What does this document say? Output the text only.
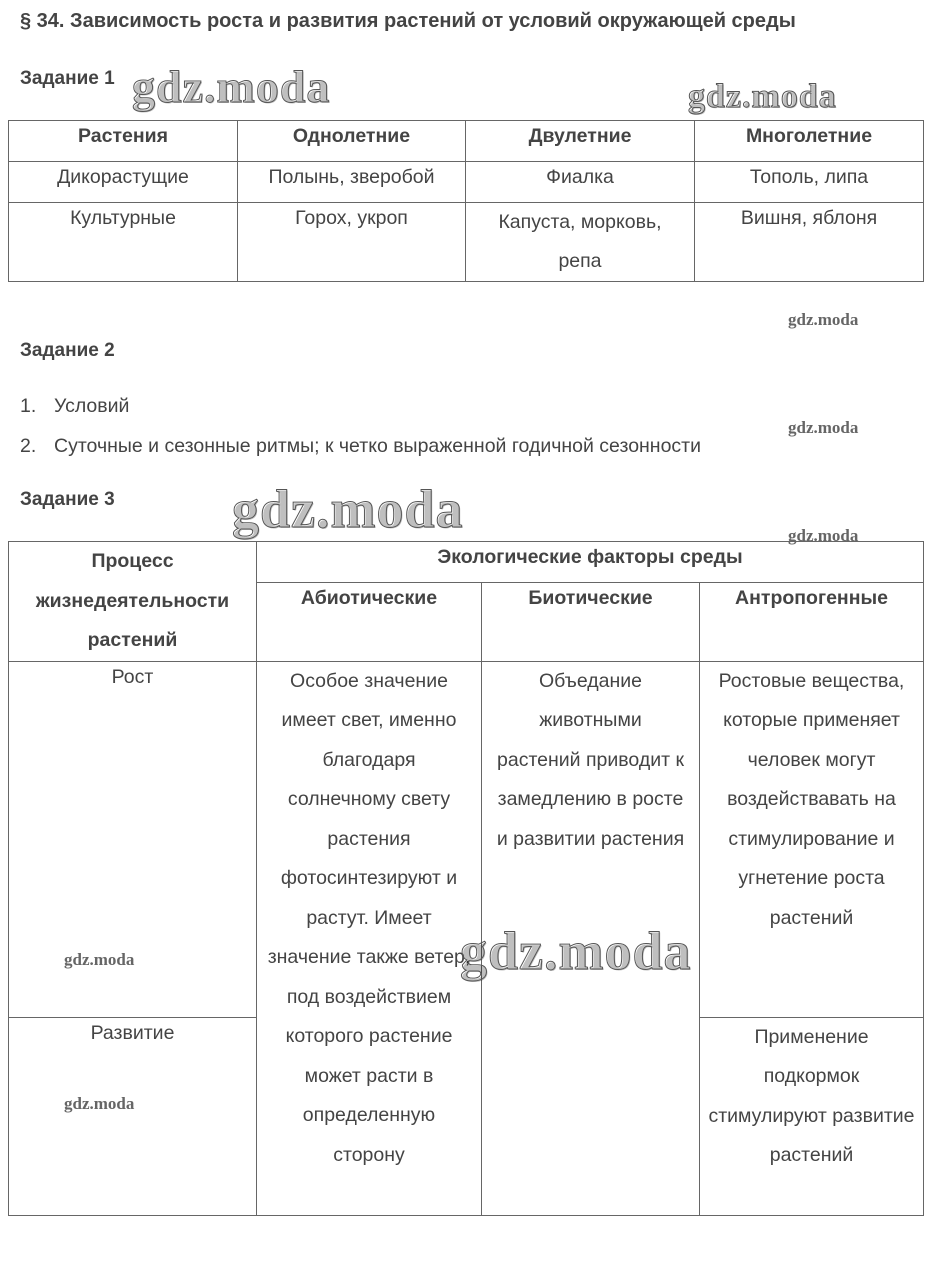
§ 34. Зависимость роста и развития растений от условий окружающей среды
Задание 1
Растения	Однолетние	Двулетние	Многолетние
Дикорастущие	Полынь, зверобой	Фиалка	Тополь, липа
Культурные	Горох, укроп	Капуста, морковь, репа	Вишня, яблоня
Задание 2
1. Условий
2. Суточные и сезонные ритмы; к четко выраженной годичной сезонности
Задание 3
Процесс жизнедеятельности растений	Экологические факторы среды		
	Абиотические	Биотические	Антропогенные
Рост	Особое значение имеет свет, именно благодаря солнечному свету растения фотосинтезируют и растут. Имеет значение также ветер, под воздействием которого растение может расти в определенную сторону	Объедание животными растений приводит к замедлению в росте и развитии растения	Ростовые вещества, которые применяет человек могут воздействавать на стимулирование и угнетение роста растений
Развитие			Применение подкормок стимулируют развитие растений
gdz.moda	gdz.moda
gdz.moda
gdz.moda
gdz.moda	gdz.moda
gdz.moda	gdz.moda
gdz.moda
